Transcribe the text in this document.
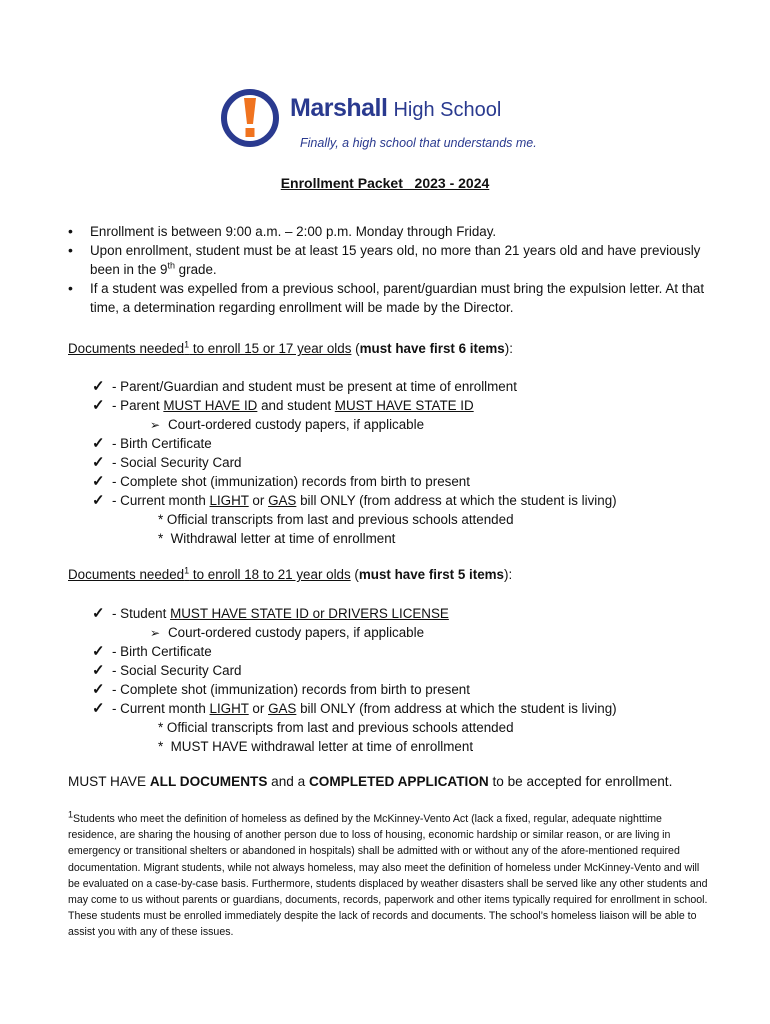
Marshall High School
Finally, a high school that understands me.
Enrollment Packet   2023 - 2024
• Enrollment is between 9:00 a.m. – 2:00 p.m. Monday through Friday.
• Upon enrollment, student must be at least 15 years old, no more than 21 years old and have previously been in the 9th grade.
• If a student was expelled from a previous school, parent/guardian must bring the expulsion letter. At that time, a determination regarding enrollment will be made by the Director.
Documents needed$^1$ to enroll 15 or 17 year olds (must have first 6 items):
✓ - Parent/Guardian and student must be present at time of enrollment
✓ - Parent MUST HAVE ID and student MUST HAVE STATE ID
➢ Court-ordered custody papers, if applicable
✓ - Birth Certificate
✓ - Social Security Card
✓ - Complete shot (immunization) records from birth to present
✓ - Current month LIGHT or GAS bill ONLY (from address at which the student is living)
* Official transcripts from last and previous schools attended
*  Withdrawal letter at time of enrollment
Documents needed$^1$ to enroll 18 to 21 year olds (must have first 5 items):
✓ - Student MUST HAVE STATE ID or DRIVERS LICENSE
➢ Court-ordered custody papers, if applicable
✓ - Birth Certificate
✓ - Social Security Card
✓ - Complete shot (immunization) records from birth to present
✓ - Current month LIGHT or GAS bill ONLY (from address at which the student is living)
* Official transcripts from last and previous schools attended
*  MUST HAVE withdrawal letter at time of enrollment
MUST HAVE ALL DOCUMENTS and a COMPLETED APPLICATION to be accepted for enrollment.
$^1$Students who meet the definition of homeless as defined by the McKinney-Vento Act (lack a fixed, regular, adequate nighttime residence, are sharing the housing of another person due to loss of housing, economic hardship or similar reason, or are living in emergency or transitional shelters or abandoned in hospitals) shall be admitted with or without any of the afore-mentioned required documentation. Migrant students, while not always homeless, may also meet the definition of homeless under McKinney-Vento and will be evaluated on a case-by-case basis. Furthermore, students displaced by weather disasters shall be served like any other students and may come to us without parents or guardians, documents, records, paperwork and other items typically required for enrollment in school. These students must be enrolled immediately despite the lack of records and documents. The school’s homeless liaison will be able to assist you with any of these issues.
